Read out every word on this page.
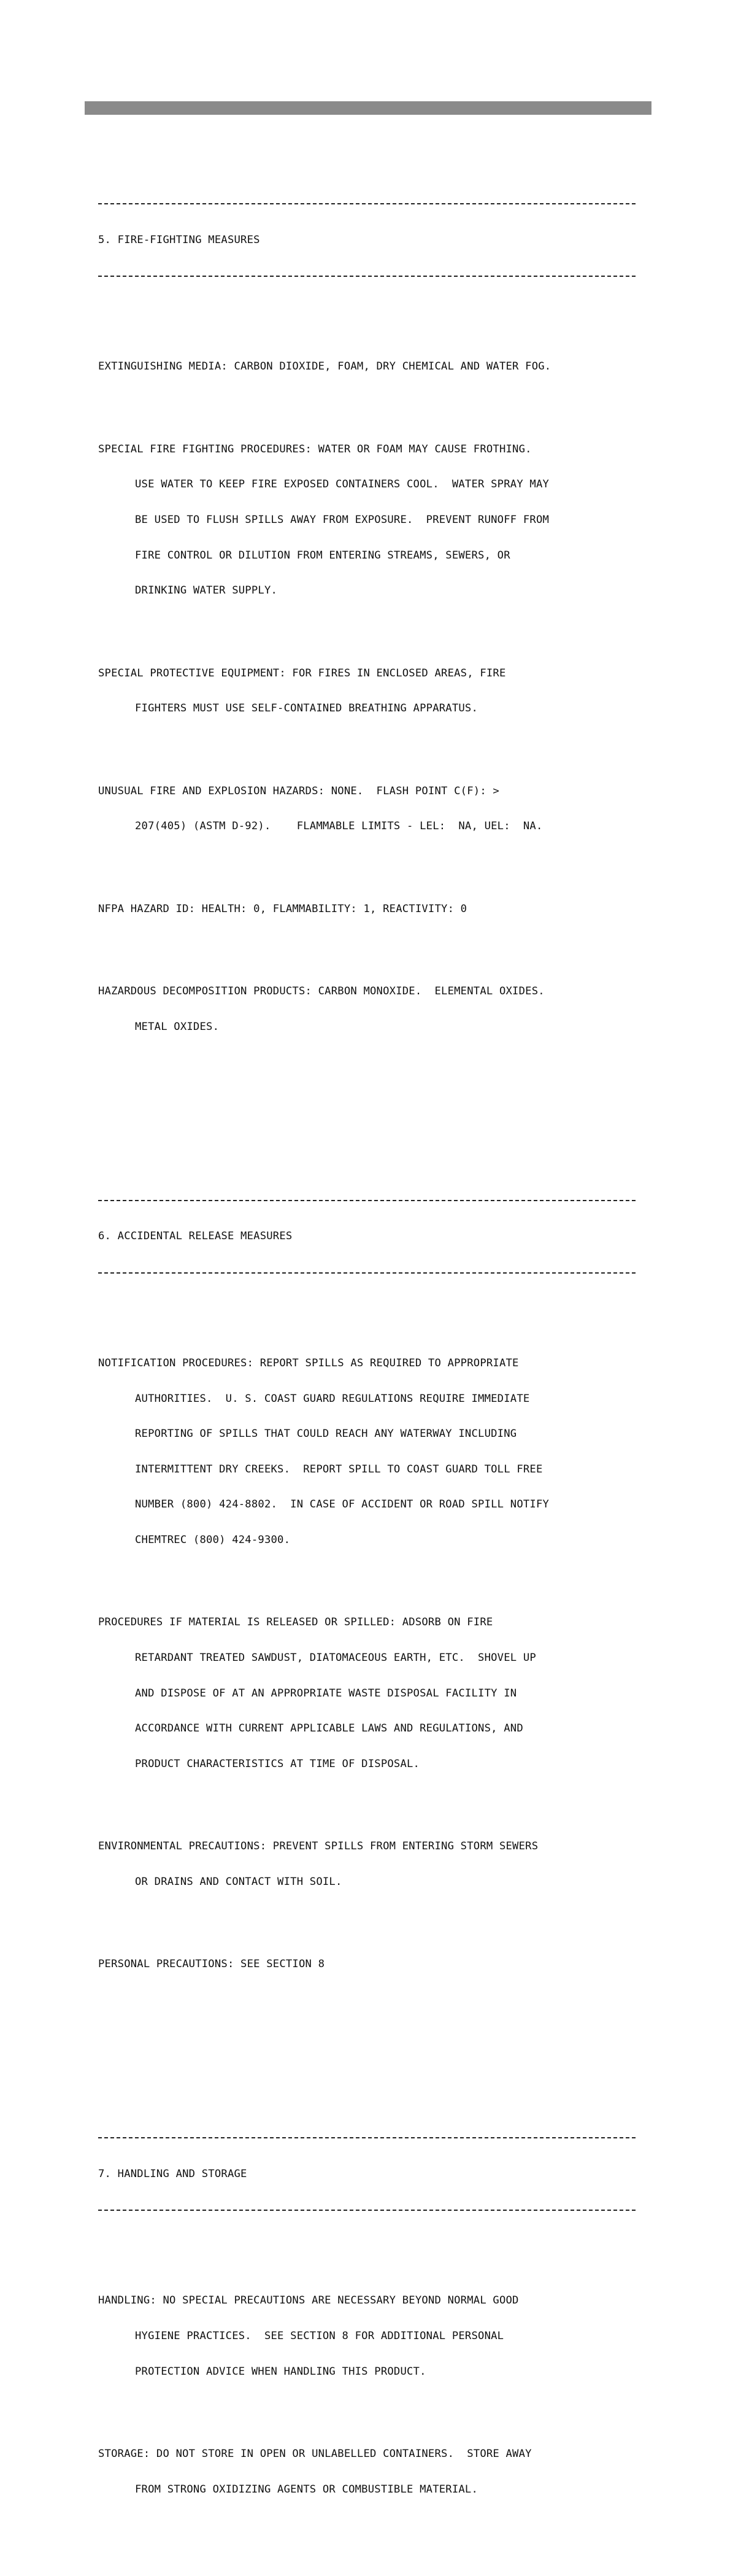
5. FIRE-FIGHTING MEASURES

EXTINGUISHING MEDIA: CARBON DIOXIDE, FOAM, DRY CHEMICAL AND WATER FOG.

SPECIAL FIRE FIGHTING PROCEDURES: WATER OR FOAM MAY CAUSE FROTHING.

USE WATER TO KEEP FIRE EXPOSED CONTAINERS COOL.  WATER SPRAY MAY

BE USED TO FLUSH SPILLS AWAY FROM EXPOSURE.  PREVENT RUNOFF FROM

FIRE CONTROL OR DILUTION FROM ENTERING STREAMS, SEWERS, OR

DRINKING WATER SUPPLY.

SPECIAL PROTECTIVE EQUIPMENT: FOR FIRES IN ENCLOSED AREAS, FIRE

FIGHTERS MUST USE SELF-CONTAINED BREATHING APPARATUS.

UNUSUAL FIRE AND EXPLOSION HAZARDS: NONE.  FLASH POINT C(F): >

207(405) (ASTM D-92).    FLAMMABLE LIMITS - LEL:  NA, UEL:  NA.

NFPA HAZARD ID: HEALTH: 0, FLAMMABILITY: 1, REACTIVITY: 0

HAZARDOUS DECOMPOSITION PRODUCTS: CARBON MONOXIDE.  ELEMENTAL OXIDES.

METAL OXIDES.

6. ACCIDENTAL RELEASE MEASURES

NOTIFICATION PROCEDURES: REPORT SPILLS AS REQUIRED TO APPROPRIATE

AUTHORITIES.  U. S. COAST GUARD REGULATIONS REQUIRE IMMEDIATE

REPORTING OF SPILLS THAT COULD REACH ANY WATERWAY INCLUDING

INTERMITTENT DRY CREEKS.  REPORT SPILL TO COAST GUARD TOLL FREE

NUMBER (800) 424-8802.  IN CASE OF ACCIDENT OR ROAD SPILL NOTIFY

CHEMTREC (800) 424-9300.

PROCEDURES IF MATERIAL IS RELEASED OR SPILLED: ADSORB ON FIRE

RETARDANT TREATED SAWDUST, DIATOMACEOUS EARTH, ETC.  SHOVEL UP

AND DISPOSE OF AT AN APPROPRIATE WASTE DISPOSAL FACILITY IN

ACCORDANCE WITH CURRENT APPLICABLE LAWS AND REGULATIONS, AND

PRODUCT CHARACTERISTICS AT TIME OF DISPOSAL.

ENVIRONMENTAL PRECAUTIONS: PREVENT SPILLS FROM ENTERING STORM SEWERS

OR DRAINS AND CONTACT WITH SOIL.

PERSONAL PRECAUTIONS: SEE SECTION 8

7. HANDLING AND STORAGE

HANDLING: NO SPECIAL PRECAUTIONS ARE NECESSARY BEYOND NORMAL GOOD

HYGIENE PRACTICES.  SEE SECTION 8 FOR ADDITIONAL PERSONAL

PROTECTION ADVICE WHEN HANDLING THIS PRODUCT.

STORAGE: DO NOT STORE IN OPEN OR UNLABELLED CONTAINERS.  STORE AWAY

FROM STRONG OXIDIZING AGENTS OR COMBUSTIBLE MATERIAL.
